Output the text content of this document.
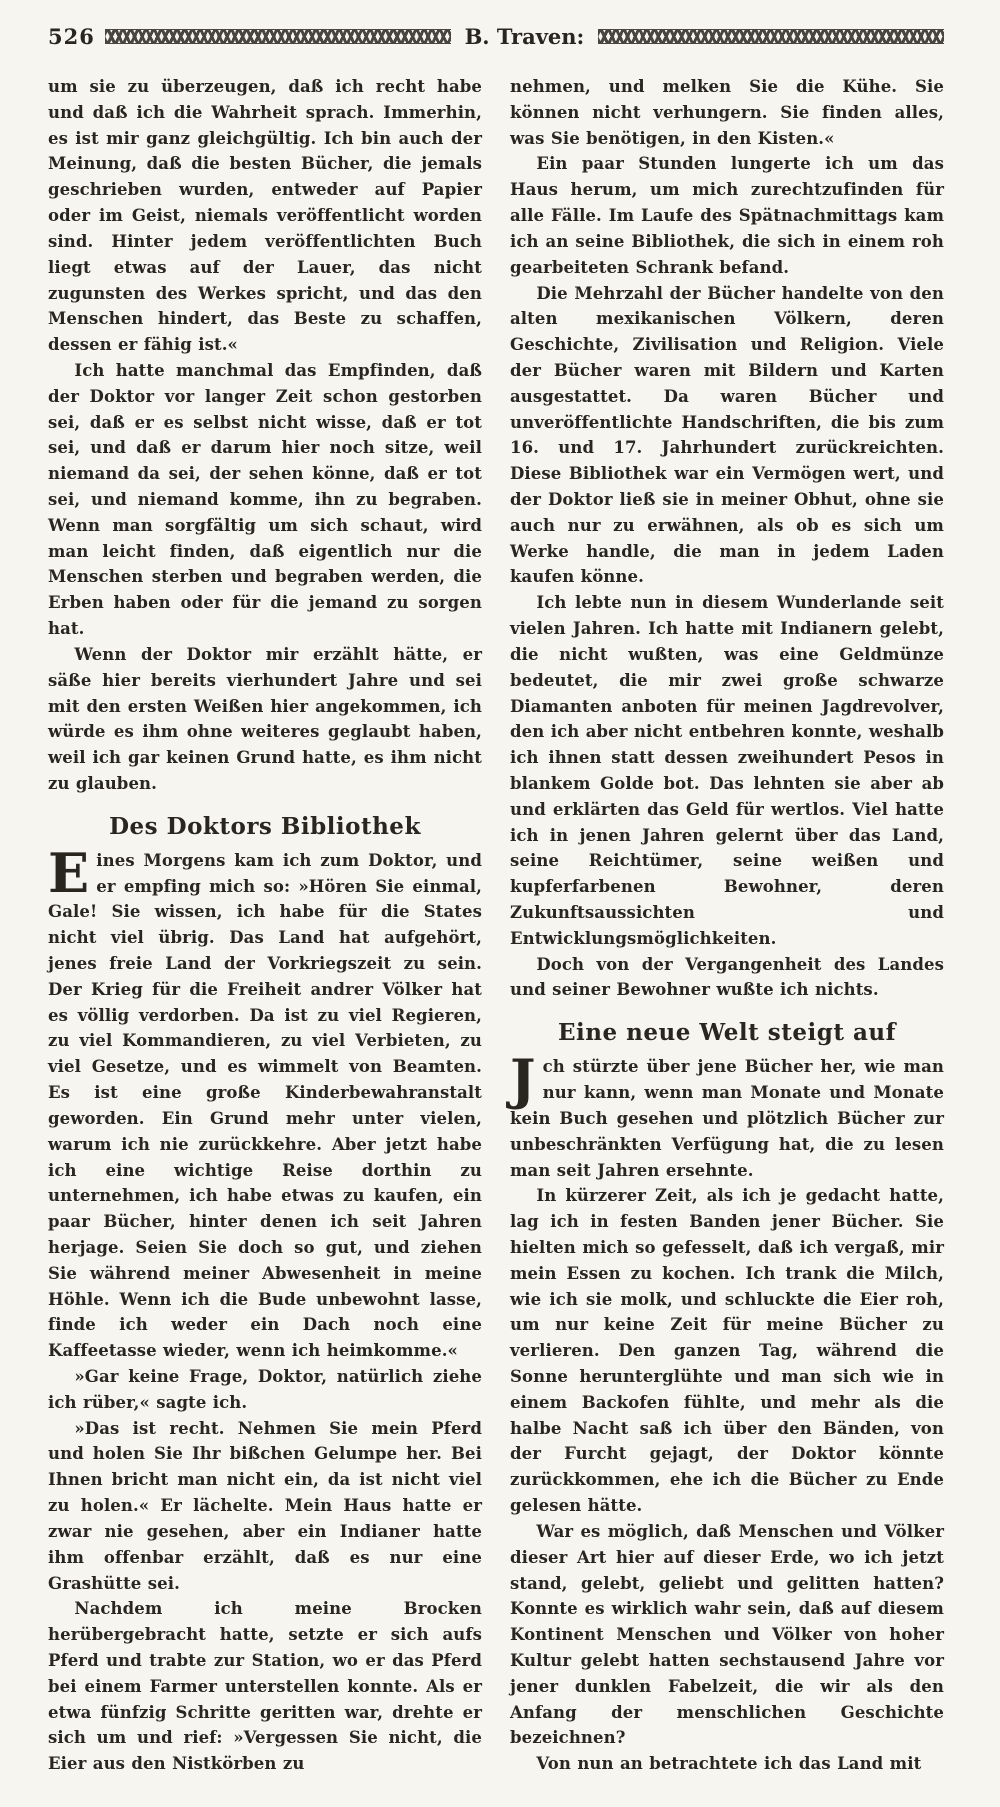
526	B. Traven:

um sie zu überzeugen, daß ich recht habe und daß ich die Wahrheit sprach. Immerhin, es ist mir ganz gleichgültig. Ich bin auch der Meinung, daß die besten Bücher, die jemals geschrieben wurden, entweder auf Papier oder im Geist, niemals veröffentlicht worden sind. Hinter jedem veröffentlichten Buch liegt etwas auf der Lauer, das nicht zugunsten des Werkes spricht, und das den Menschen hindert, das Beste zu schaffen, dessen er fähig ist.«

Ich hatte manchmal das Empfinden, daß der Doktor vor langer Zeit schon gestorben sei, daß er es selbst nicht wisse, daß er tot sei, und daß er darum hier noch sitze, weil niemand da sei, der sehen könne, daß er tot sei, und niemand komme, ihn zu begraben. Wenn man sorgfältig um sich schaut, wird man leicht finden, daß eigentlich nur die Menschen sterben und begraben werden, die Erben haben oder für die jemand zu sorgen hat.

Wenn der Doktor mir erzählt hätte, er säße hier bereits vierhundert Jahre und sei mit den ersten Weißen hier angekommen, ich würde es ihm ohne weiteres geglaubt haben, weil ich gar keinen Grund hatte, es ihm nicht zu glauben.

Des Doktors Bibliothek

Eines Morgens kam ich zum Doktor, und er empfing mich so: »Hören Sie einmal, Gale! Sie wissen, ich habe für die States nicht viel übrig. Das Land hat aufgehört, jenes freie Land der Vorkriegszeit zu sein. Der Krieg für die Freiheit andrer Völker hat es völlig verdorben. Da ist zu viel Regieren, zu viel Kommandieren, zu viel Verbieten, zu viel Gesetze, und es wimmelt von Beamten. Es ist eine große Kinderbewahranstalt geworden. Ein Grund mehr unter vielen, warum ich nie zurückkehre. Aber jetzt habe ich eine wichtige Reise dorthin zu unternehmen, ich habe etwas zu kaufen, ein paar Bücher, hinter denen ich seit Jahren herjage. Seien Sie doch so gut, und ziehen Sie während meiner Abwesenheit in meine Höhle. Wenn ich die Bude unbewohnt lasse, finde ich weder ein Dach noch eine Kaffeetasse wieder, wenn ich heimkomme.«

»Gar keine Frage, Doktor, natürlich ziehe ich rüber,« sagte ich.

»Das ist recht. Nehmen Sie mein Pferd und holen Sie Ihr bißchen Gelumpe her. Bei Ihnen bricht man nicht ein, da ist nicht viel zu holen.« Er lächelte. Mein Haus hatte er zwar nie gesehen, aber ein Indianer hatte ihm offenbar erzählt, daß es nur eine Grashütte sei.

Nachdem ich meine Brocken herübergebracht hatte, setzte er sich aufs Pferd und trabte zur Station, wo er das Pferd bei einem Farmer unterstellen konnte. Als er etwa fünfzig Schritte geritten war, drehte er sich um und rief: »Vergessen Sie nicht, die Eier aus den Nistkörben zu

nehmen, und melken Sie die Kühe. Sie können nicht verhungern. Sie finden alles, was Sie benötigen, in den Kisten.«

Ein paar Stunden lungerte ich um das Haus herum, um mich zurechtzufinden für alle Fälle. Im Laufe des Spätnachmittags kam ich an seine Bibliothek, die sich in einem roh gearbeiteten Schrank befand.

Die Mehrzahl der Bücher handelte von den alten mexikanischen Völkern, deren Geschichte, Zivilisation und Religion. Viele der Bücher waren mit Bildern und Karten ausgestattet. Da waren Bücher und unveröffentlichte Handschriften, die bis zum 16. und 17. Jahrhundert zurückreichten. Diese Bibliothek war ein Vermögen wert, und der Doktor ließ sie in meiner Obhut, ohne sie auch nur zu erwähnen, als ob es sich um Werke handle, die man in jedem Laden kaufen könne.

Ich lebte nun in diesem Wunderlande seit vielen Jahren. Ich hatte mit Indianern gelebt, die nicht wußten, was eine Geldmünze bedeutet, die mir zwei große schwarze Diamanten anboten für meinen Jagdrevolver, den ich aber nicht entbehren konnte, weshalb ich ihnen statt dessen zweihundert Pesos in blankem Golde bot. Das lehnten sie aber ab und erklärten das Geld für wertlos. Viel hatte ich in jenen Jahren gelernt über das Land, seine Reichtümer, seine weißen und kupferfarbenen Bewohner, deren Zukunftsaussichten und Entwicklungsmöglichkeiten.

Doch von der Vergangenheit des Landes und seiner Bewohner wußte ich nichts.

Eine neue Welt steigt auf

Jch stürzte über jene Bücher her, wie man nur kann, wenn man Monate und Monate kein Buch gesehen und plötzlich Bücher zur unbeschränkten Verfügung hat, die zu lesen man seit Jahren ersehnte.

In kürzerer Zeit, als ich je gedacht hatte, lag ich in festen Banden jener Bücher. Sie hielten mich so gefesselt, daß ich vergaß, mir mein Essen zu kochen. Ich trank die Milch, wie ich sie molk, und schluckte die Eier roh, um nur keine Zeit für meine Bücher zu verlieren. Den ganzen Tag, während die Sonne herunterglühte und man sich wie in einem Backofen fühlte, und mehr als die halbe Nacht saß ich über den Bänden, von der Furcht gejagt, der Doktor könnte zurückkommen, ehe ich die Bücher zu Ende gelesen hätte.

War es möglich, daß Menschen und Völker dieser Art hier auf dieser Erde, wo ich jetzt stand, gelebt, geliebt und gelitten hatten? Konnte es wirklich wahr sein, daß auf diesem Kontinent Menschen und Völker von hoher Kultur gelebt hatten sechstausend Jahre vor jener dunklen Fabelzeit, die wir als den Anfang der menschlichen Geschichte bezeichnen?

Von nun an betrachtete ich das Land mit
